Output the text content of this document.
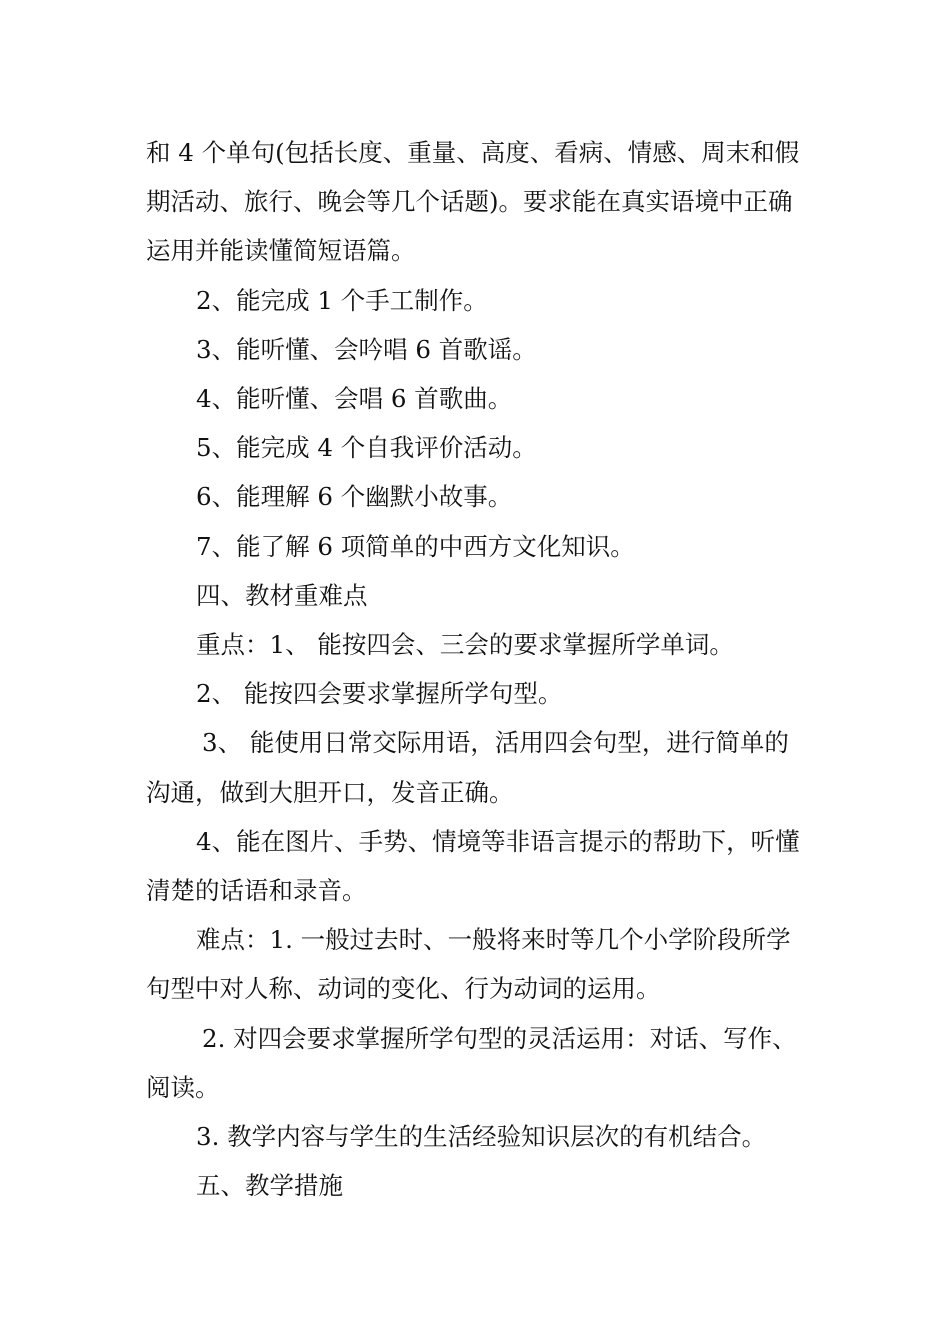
和 4 个单句(包括长度、重量、高度、看病、情感、周末和假期活动、旅行、晚会等几个话题)。要求能在真实语境中正确运用并能读懂简短语篇。

2、能完成 1 个手工制作。

3、能听懂、会吟唱 6 首歌谣。

4、能听懂、会唱 6 首歌曲。

5、能完成 4 个自我评价活动。

6、能理解 6 个幽默小故事。

7、能了解 6 项简单的中西方文化知识。

四、教材重难点

重点：1、 能按四会、三会的要求掌握所学单词。

2、 能按四会要求掌握所学句型。

3、 能使用日常交际用语，活用四会句型，进行简单的沟通，做到大胆开口，发音正确。

4、能在图片、手势、情境等非语言提示的帮助下，听懂清楚的话语和录音。

难点：1. 一般过去时、一般将来时等几个小学阶段所学句型中对人称、动词的变化、行为动词的运用。

2. 对四会要求掌握所学句型的灵活运用：对话、写作、阅读。

3. 教学内容与学生的生活经验知识层次的有机结合。

五、教学措施
